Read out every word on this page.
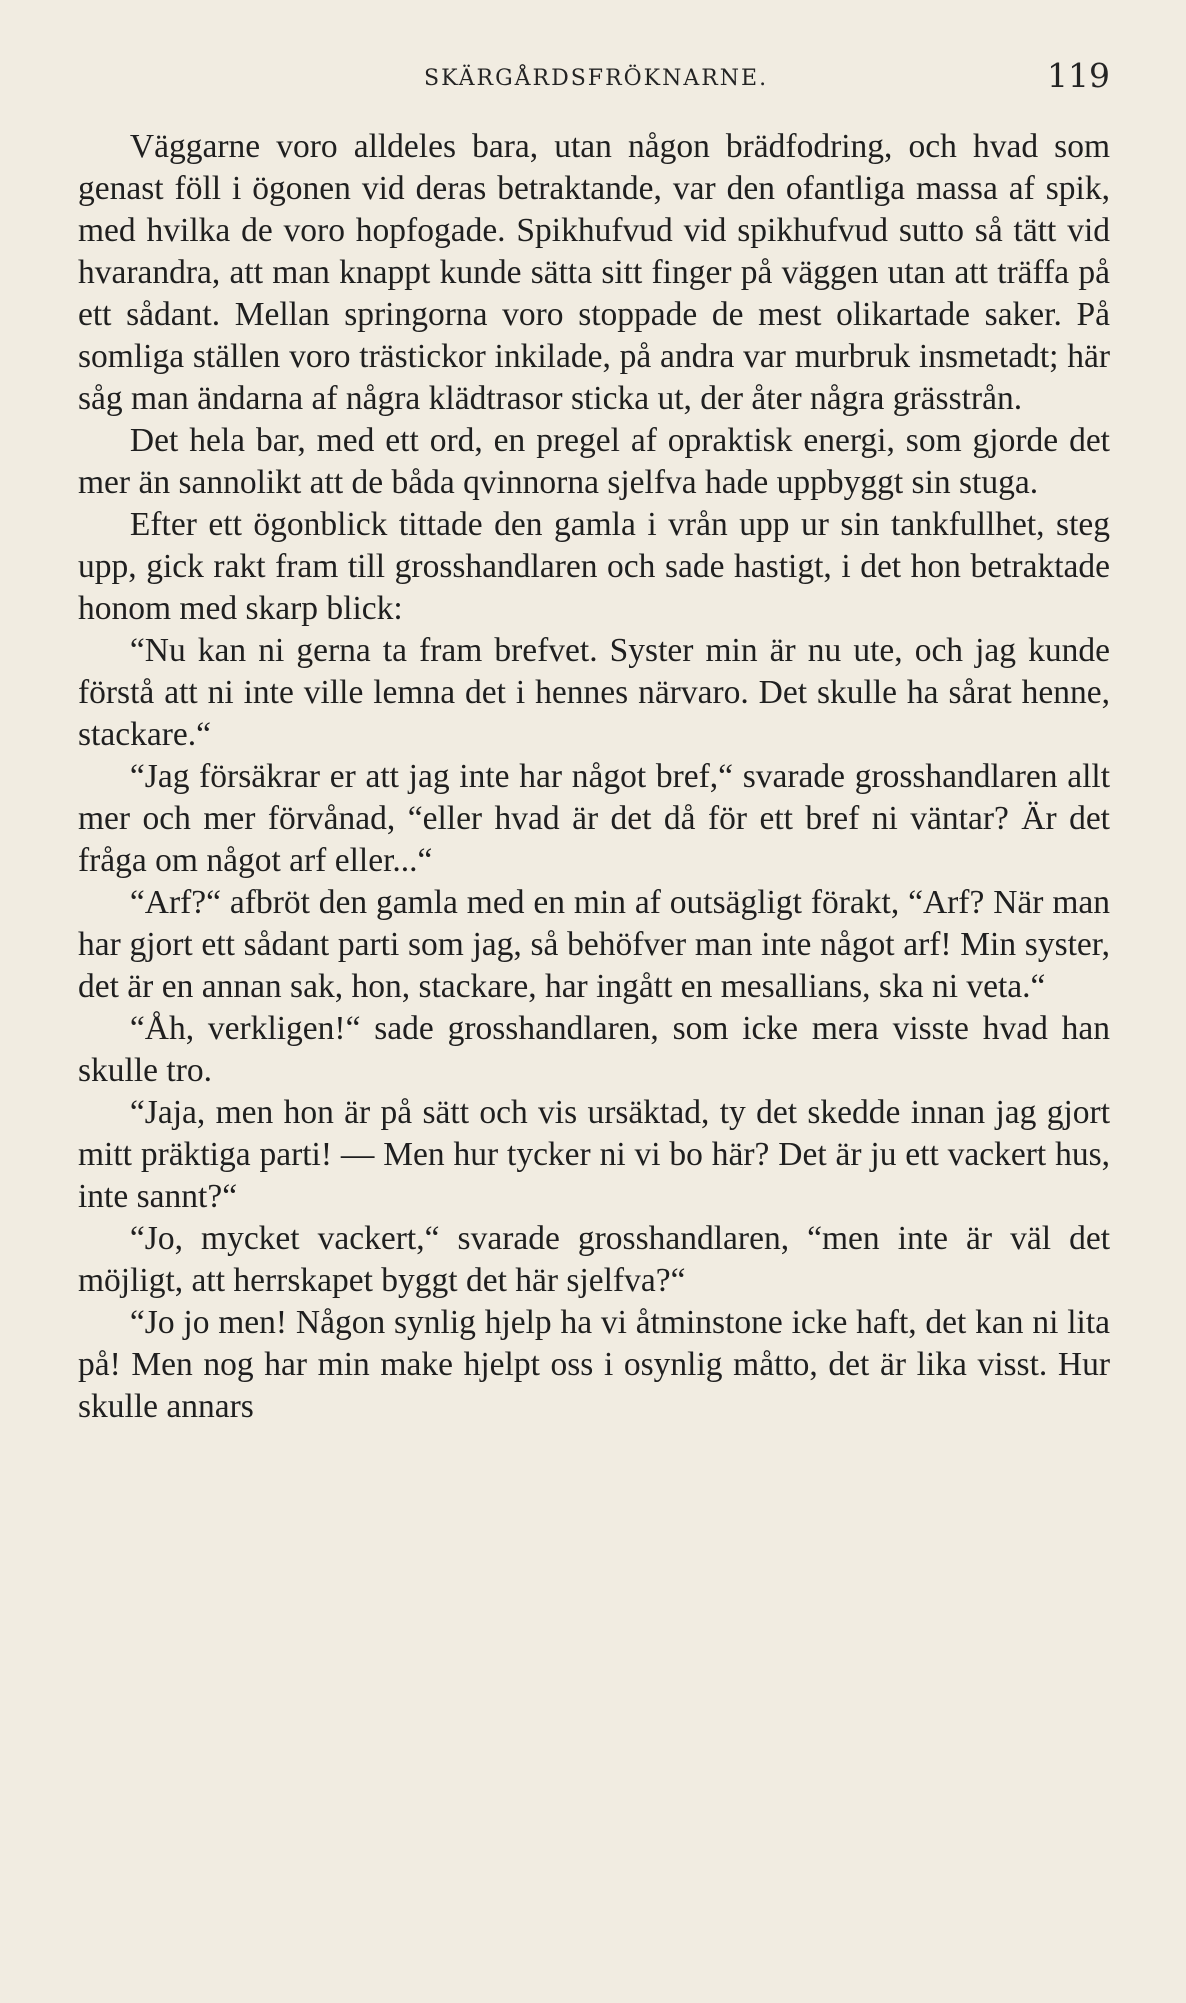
SKÄRGÅRDSFRÖKNARNE.	119

Väggarne voro alldeles bara, utan någon brädfodring, och hvad som genast föll i ögonen vid deras betraktande, var den ofantliga massa af spik, med hvilka de voro hopfogade. Spikhufvud vid spikhufvud sutto så tätt vid hvarandra, att man knappt kunde sätta sitt finger på väggen utan att träffa på ett sådant. Mellan springorna voro stoppade de mest olikartade saker. På somliga ställen voro trästickor inkilade, på andra var murbruk insmetadt; här såg man ändarna af några klädtrasor sticka ut, der åter några grässtrån.

Det hela bar, med ett ord, en pregel af opraktisk energi, som gjorde det mer än sannolikt att de båda qvinnorna sjelfva hade uppbyggt sin stuga.

Efter ett ögonblick tittade den gamla i vrån upp ur sin tankfullhet, steg upp, gick rakt fram till grosshandlaren och sade hastigt, i det hon betraktade honom med skarp blick:

“Nu kan ni gerna ta fram brefvet. Syster min är nu ute, och jag kunde förstå att ni inte ville lemna det i hennes närvaro. Det skulle ha sårat henne, stackare.“

“Jag försäkrar er att jag inte har något bref,“ svarade grosshandlaren allt mer och mer förvånad, “eller hvad är det då för ett bref ni väntar? Är det fråga om något arf eller...“

“Arf?“ afbröt den gamla med en min af outsägligt förakt, “Arf? När man har gjort ett sådant parti som jag, så behöfver man inte något arf! Min syster, det är en annan sak, hon, stackare, har ingått en mesallians, ska ni veta.“

“Åh, verkligen!“ sade grosshandlaren, som icke mera visste hvad han skulle tro.

“Jaja, men hon är på sätt och vis ursäktad, ty det skedde innan jag gjort mitt präktiga parti! — Men hur tycker ni vi bo här? Det är ju ett vackert hus, inte sannt?“

“Jo, mycket vackert,“ svarade grosshandlaren, “men inte är väl det möjligt, att herrskapet byggt det här sjelfva?“

“Jo jo men! Någon synlig hjelp ha vi åtminstone icke haft, det kan ni lita på! Men nog har min make hjelpt oss i osynlig måtto, det är lika visst. Hur skulle annars
